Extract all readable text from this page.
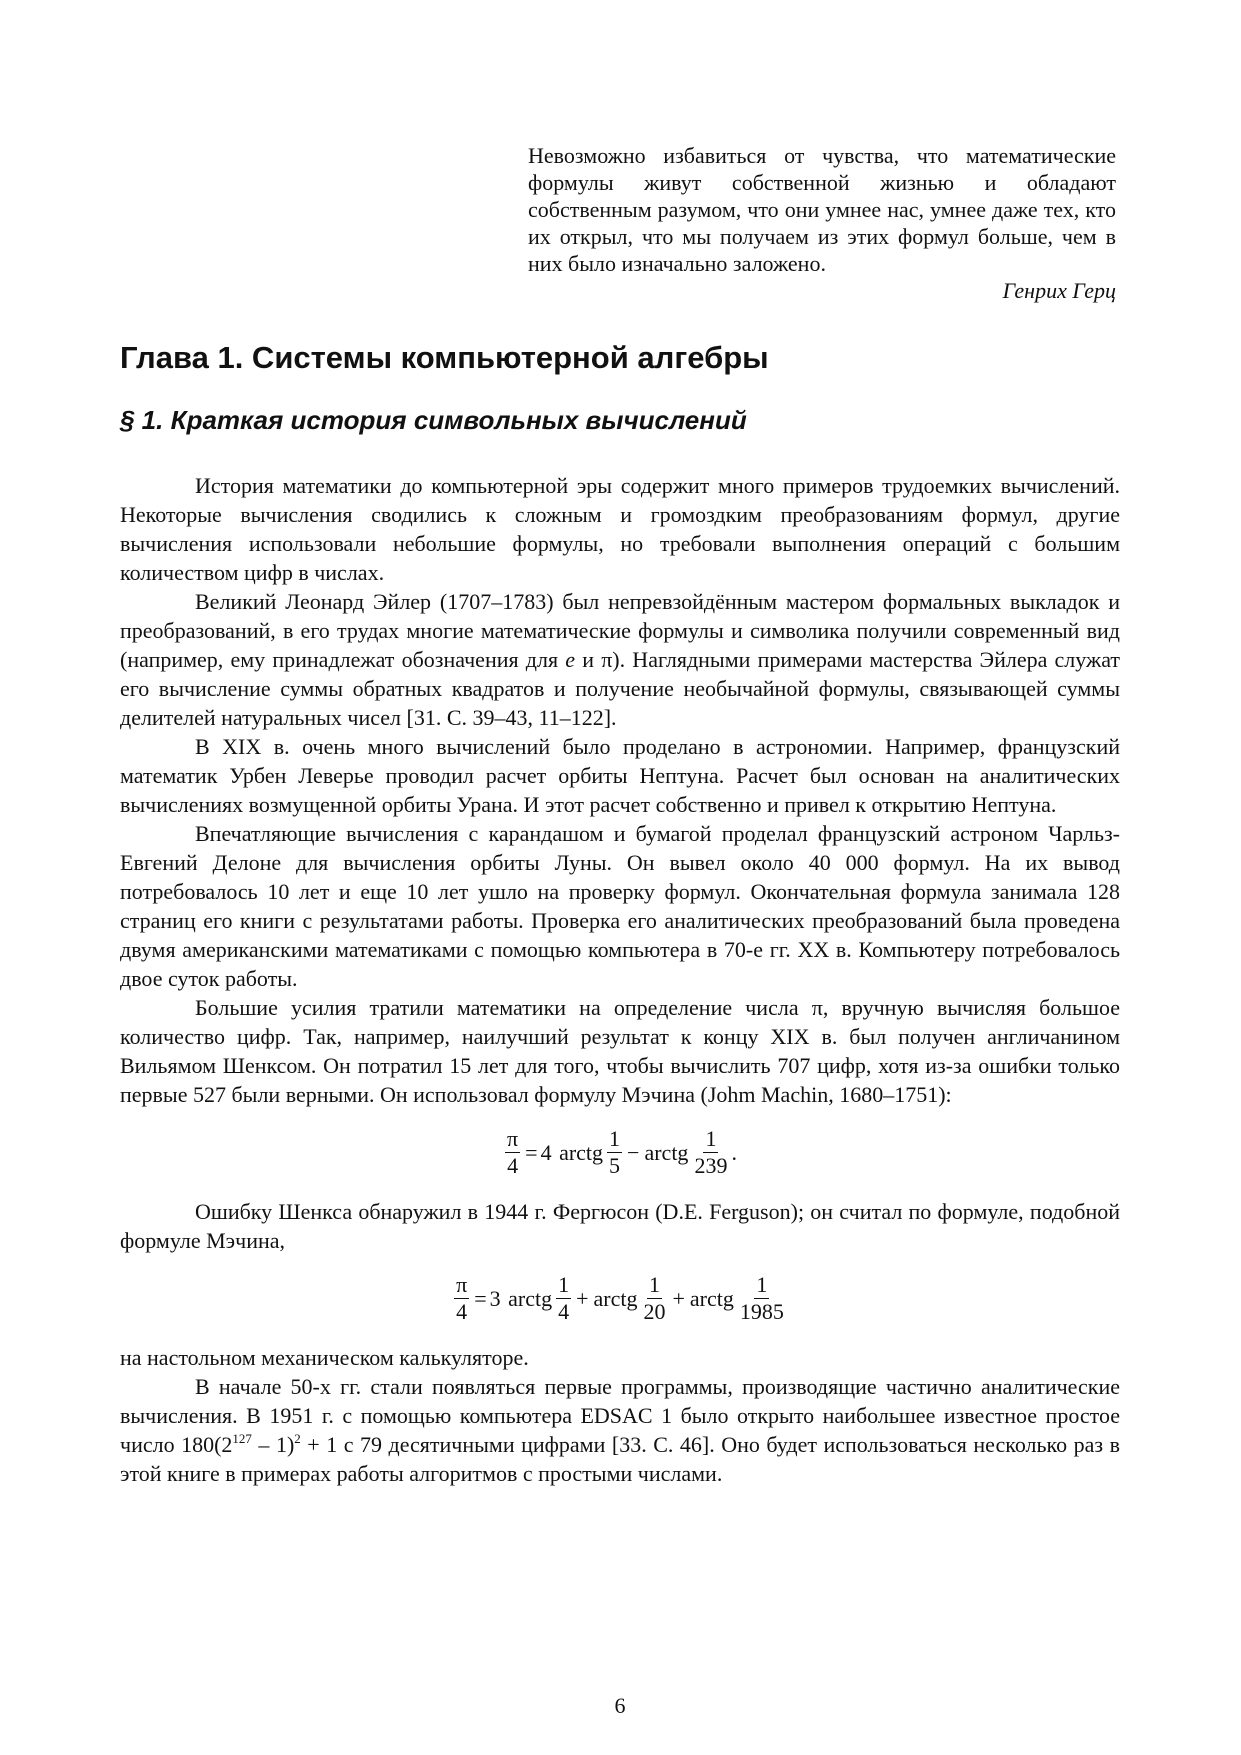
Невозможно избавиться от чувства, что математические формулы живут собственной жизнью и обладают собственным разумом, что они умнее нас, умнее даже тех, кто их открыл, что мы получаем из этих формул больше, чем в них было изначально заложено.
Генрих Герц
Глава 1. Системы компьютерной алгебры
§ 1. Краткая история символьных вычислений

История математики до компьютерной эры содержит много примеров трудоемких вычислений. Некоторые вычисления сводились к сложным и громоздким преобразованиям формул, другие вычисления использовали небольшие формулы, но требовали выполнения операций с большим количеством цифр в числах.

Великий Леонард Эйлер (1707–1783) был непревзойдённым мастером формальных выкладок и преобразований, в его трудах многие математические формулы и символика получили современный вид (например, ему принадлежат обозначения для e и π). Наглядными примерами мастерства Эйлера служат его вычисление суммы обратных квадратов и получение необычайной формулы, связывающей суммы делителей натуральных чисел [31. С. 39–43, 11–122].

В XIX в. очень много вычислений было проделано в астрономии. Например, французский математик Урбен Леверье проводил расчет орбиты Нептуна. Расчет был основан на аналитических вычислениях возмущенной орбиты Урана. И этот расчет собственно и привел к открытию Нептуна.

Впечатляющие вычисления с карандашом и бумагой проделал французский астроном Чарльз-Евгений Делоне для вычисления орбиты Луны. Он вывел около 40 000 формул. На их вывод потребовалось 10 лет и еще 10 лет ушло на проверку формул. Окончательная формула занимала 128 страниц его книги с результатами работы. Проверка его аналитических преобразований была проведена двумя американскими математиками с помощью компьютера в 70-е гг. XX в. Компьютеру потребовалось двое суток работы.

Большие усилия тратили математики на определение числа π, вручную вычисляя большое количество цифр. Так, например, наилучший результат к концу XIX в. был получен англичанином Вильямом Шенксом. Он потратил 15 лет для того, чтобы вычислить 707 цифр, хотя из-за ошибки только первые 527 были верными. Он использовал формулу Мэчина (Johm Machin, 1680–1751):

$\frac{\pi}{4} = 4$
arctg $\frac{1}{5}$ − arctg $\frac{1}{239}$ .

Ошибку Шенкса обнаружил в 1944 г. Фергюсон (D.E. Ferguson); он считал по формуле, подобной формуле Мэчина,

$\frac{\pi}{4} = 3$
arctg $\frac{1}{4}$ + arctg $\frac{1}{20}$ + arctg $\frac{1}{1985}$

на настольном механическом калькуляторе.

В начале 50-х гг. стали появляться первые программы, производящие частично аналитические вычисления. В 1951 г. с помощью компьютера EDSAC 1 было открыто наибольшее известное простое число $180(2^{127} - 1)^2 + 1$ с 79 десятичными цифрами [33. С. 46]. Оно будет использоваться несколько раз в этой книге в примерах работы алгоритмов с простыми числами.

6
